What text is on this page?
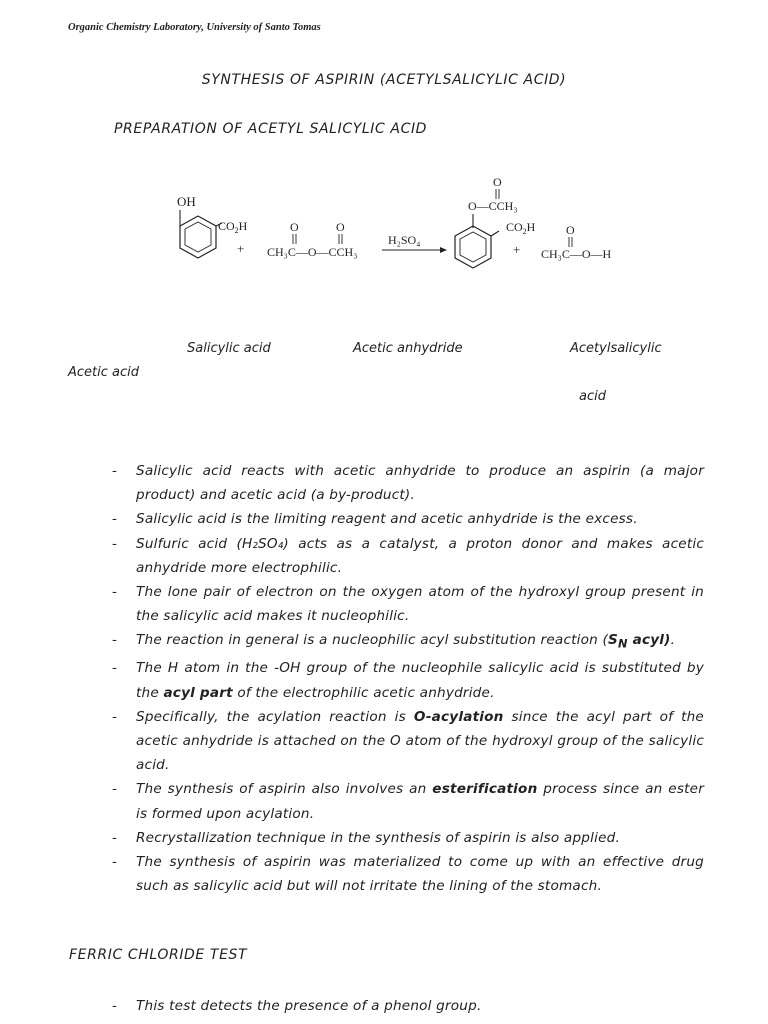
Organic Chemistry Laboratory, University of Santo Tomas
SYNTHESIS OF ASPIRIN (ACETYLSALICYLIC ACID)
PREPARATION OF ACETYL SALICYLIC ACID
OH
$CO_2H$
+
O	O
CH₃C—O—CCH₃
H₂SO₄
O
O—CCH₃
$CO_2H$
+
O
CH₃C—O—H
Salicylic acid	Acetic anhydride	Acetylsalicylic
Acetic acid
acid
- Salicylic acid reacts with acetic anhydride to produce an aspirin (a major product) and acetic acid (a by-product).
- Salicylic acid is the limiting reagent and acetic anhydride is the excess.
- Sulfuric acid (H₂SO₄) acts as a catalyst, a proton donor and makes acetic anhydride more electrophilic.
- The lone pair of electron on the oxygen atom of the hydroxyl group present in the salicylic acid makes it nucleophilic.
- The reaction in general is a nucleophilic acyl substitution reaction ($S_N$ acyl).
- The H atom in the -OH group of the nucleophile salicylic acid is substituted by the acyl part of the electrophilic acetic anhydride.
- Specifically, the acylation reaction is O-acylation since the acyl part of the acetic anhydride is attached on the O atom of the hydroxyl group of the salicylic acid.
- The synthesis of aspirin also involves an esterification process since an ester is formed upon acylation.
- Recrystallization technique in the synthesis of aspirin is also applied.
- The synthesis of aspirin was materialized to come up with an effective drug such as salicylic acid but will not irritate the lining of the stomach.
FERRIC CHLORIDE TEST
- This test detects the presence of a phenol group.
